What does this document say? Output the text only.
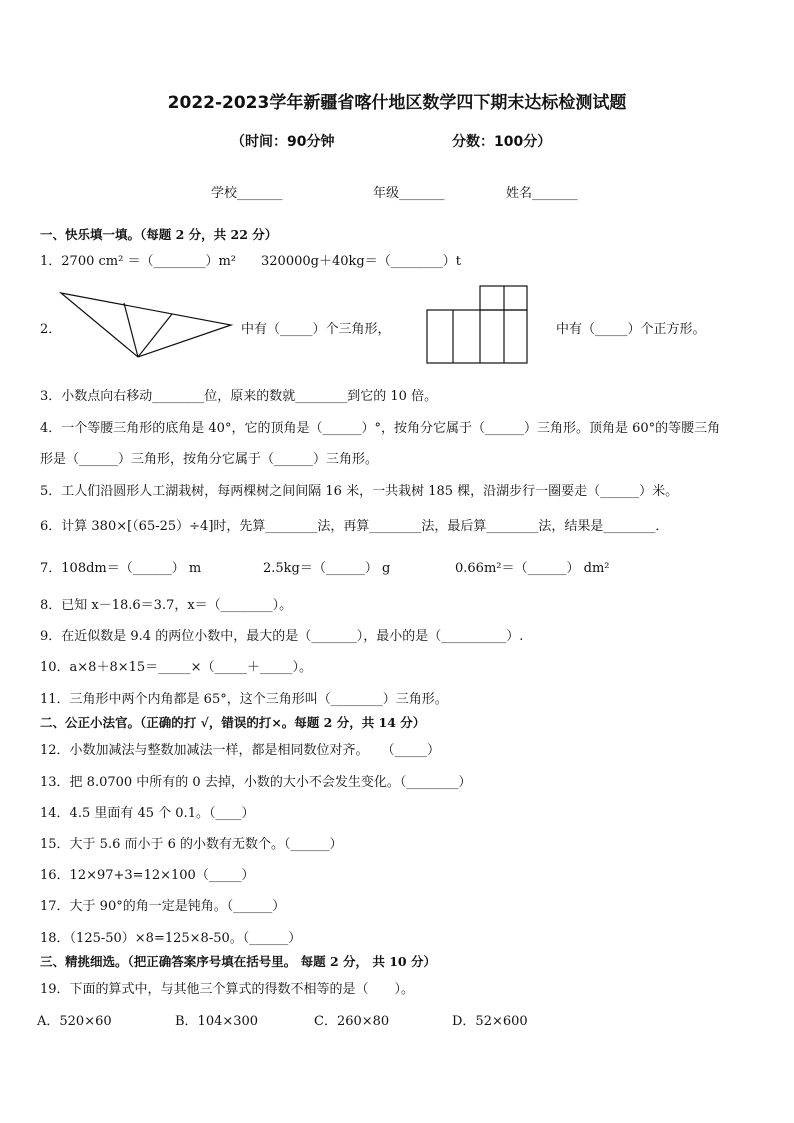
2022-2023学年新疆省喀什地区数学四下期末达标检测试题
（时间：90分钟	分数：100分）
学校_______	年级_______	姓名_______
一、快乐填一填。（每题 2 分，共 22 分）
1．2700 cm² ＝（________）m² 320000g＋40kg＝（________）t
2．	中有（_____）个三角形，	中有（_____）个正方形。
3．小数点向右移动________位，原来的数就________到它的 10 倍。
4．一个等腰三角形的底角是 40°，它的顶角是（______）°，按角分它属于（______）三角形。顶角是 60°的等腰三角
形是（______）三角形，按角分它属于（______）三角形。
5．工人们沿圆形人工湖栽树，每两棵树之间间隔 16 米，一共栽树 185 棵，沿湖步行一圈要走（______）米。
6．计算 380×[（65-25）÷4]时，先算________法，再算________法，最后算________法，结果是________．
7．108dm＝（______） m	2.5kg＝（______） g	0.66m²＝（______） dm²
8．已知 x－18.6＝3.7，x＝（________）。
9．在近似数是 9.4 的两位小数中，最大的是（_______），最小的是（__________）.
10．a×8＋8×15＝_____×（_____＋_____）。
11．三角形中两个内角都是 65°，这个三角形叫（________）三角形。
二、公正小法官。（正确的打 √，错误的打×。每题 2 分，共 14 分）
12．小数加减法与整数加减法一样，都是相同数位对齐。　　（_____）
13．把 8.0700 中所有的 0 去掉，小数的大小不会发生变化。（________）
14．4.5 里面有 45 个 0.1。（____）
15．大于 5.6 而小于 6 的小数有无数个。（______）
16．12×97+3=12×100（_____）
17．大于 90°的角一定是钝角。（______）
18．（125-50）×8=125×8-50。（______）
三、精挑细选。（把正确答案序号填在括号里。 每题 2 分， 共 10 分）
19．下面的算式中，与其他三个算式的得数不相等的是（　　）。
A．520×60	B．104×300	C．260×80	D．52×600
